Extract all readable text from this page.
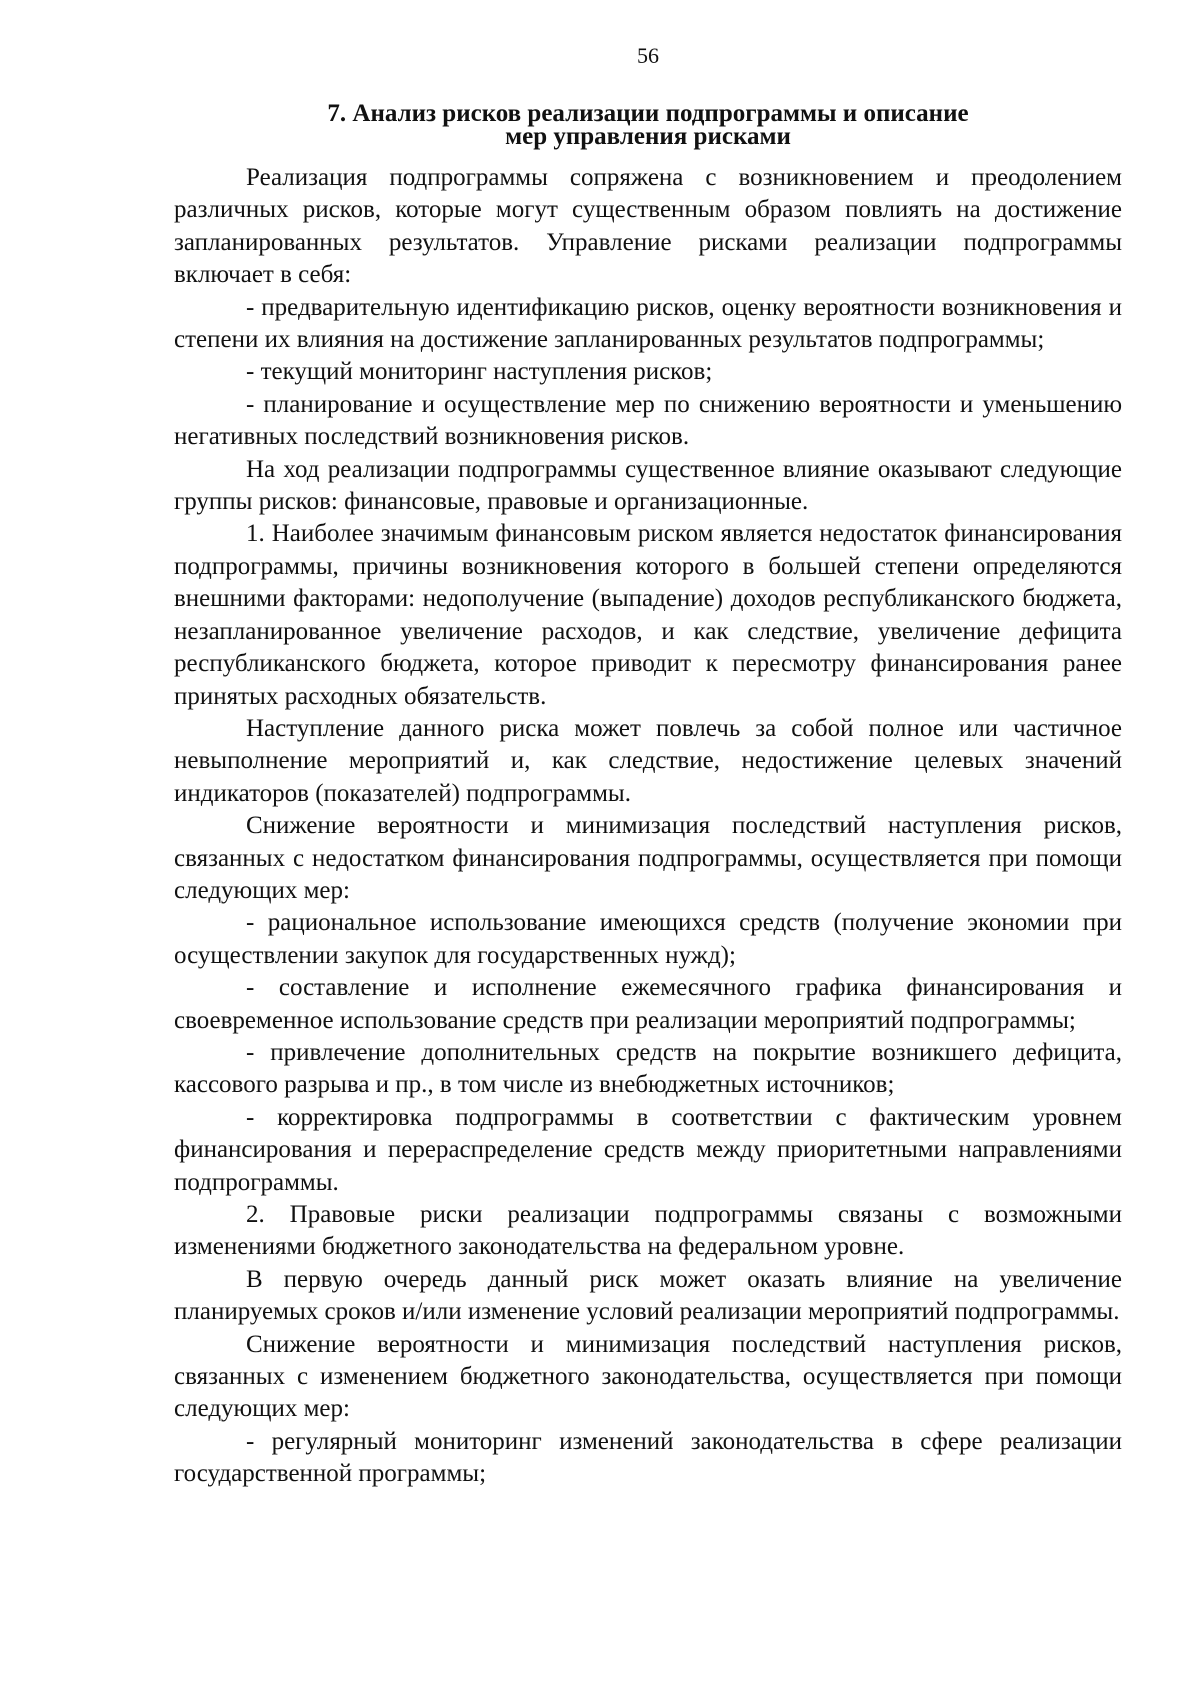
56
7. Анализ рисков реализации подпрограммы и описание
мер управления рисками

Реализация подпрограммы сопряжена с возникновением и преодолением различных рисков, которые могут существенным образом повлиять на достижение запланированных результатов. Управление рисками реализации подпрограммы включает в себя:

- предварительную идентификацию рисков, оценку вероятности возникновения и степени их влияния на достижение запланированных результатов подпрограммы;

- текущий мониторинг наступления рисков;

- планирование и осуществление мер по снижению вероятности и уменьшению негативных последствий возникновения рисков.

На ход реализации подпрограммы существенное влияние оказывают следующие группы рисков: финансовые, правовые и организационные.

1. Наиболее значимым финансовым риском является недостаток финансирования подпрограммы, причины возникновения которого в большей степени определяются внешними факторами: недополучение (выпадение) доходов республиканского бюджета, незапланированное увеличение расходов, и как следствие, увеличение дефицита республиканского бюджета, которое приводит к пересмотру финансирования ранее принятых расходных обязательств.

Наступление данного риска может повлечь за собой полное или частичное невыполнение мероприятий и, как следствие, недостижение целевых значений индикаторов (показателей) подпрограммы.

Снижение вероятности и минимизация последствий наступления рисков, связанных с недостатком финансирования подпрограммы, осуществляется при помощи следующих мер:

- рациональное использование имеющихся средств (получение экономии при осуществлении закупок для государственных нужд);

- составление и исполнение ежемесячного графика финансирования и своевременное использование средств при реализации мероприятий подпрограммы;

- привлечение дополнительных средств на покрытие возникшего дефицита, кассового разрыва и пр., в том числе из внебюджетных источников;

- корректировка подпрограммы в соответствии с фактическим уровнем финансирования и перераспределение средств между приоритетными направлениями подпрограммы.

2. Правовые риски реализации подпрограммы связаны с возможными изменениями бюджетного законодательства на федеральном уровне.

В первую очередь данный риск может оказать влияние на увеличение планируемых сроков и/или изменение условий реализации мероприятий подпрограммы.

Снижение вероятности и минимизация последствий наступления рисков, связанных с изменением бюджетного законодательства, осуществляется при помощи следующих мер:

- регулярный мониторинг изменений законодательства в сфере реализации государственной программы;
